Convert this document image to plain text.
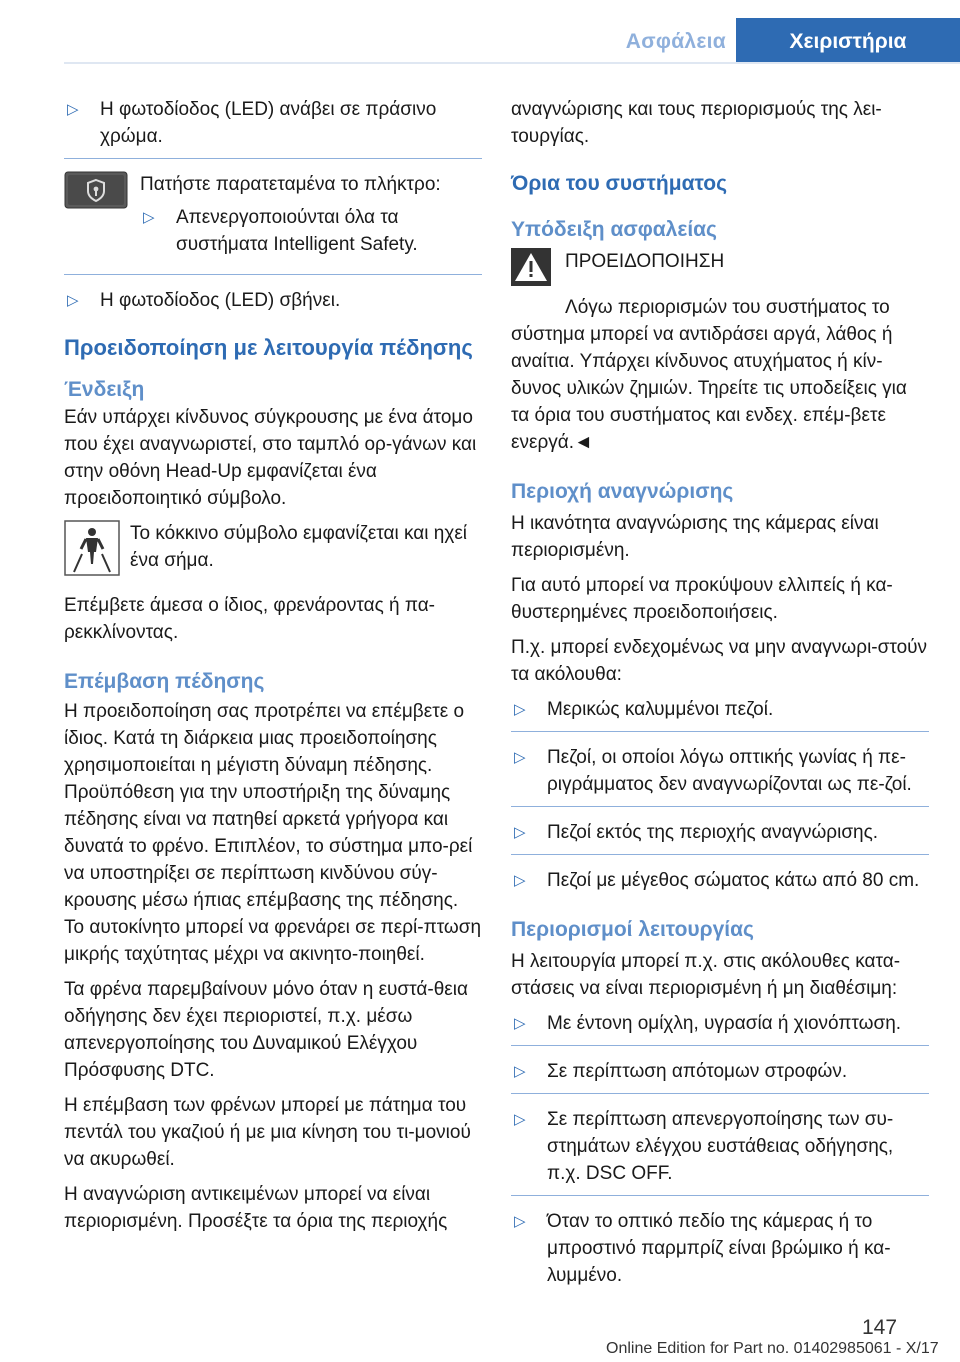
Ασφάλεια	Χειριστήρια
▷ Η φωτοδίοδος (LED) ανάβει σε πράσινο χρώμα.

Πατήστε παρατεταμένα το πλήκτρο:

▷ Απενεργοποιούνται όλα τα συστήματα Intelligent Safety.
▷ Η φωτοδίοδος (LED) σβήνει.
Προειδοποίηση με λειτουργία πέδησης
Ένδειξη

Εάν υπάρχει κίνδυνος σύγκρουσης με ένα άτομο που έχει αναγνωριστεί, στο ταμπλό ορ‐γάνων και στην οθόνη Head-Up εμφανίζεται ένα προειδοποιητικό σύμβολο.

Το κόκκινο σύμβολο εμφανίζεται και ηχεί ένα σήμα.

Επέμβετε άμεσα ο ίδιος, φρενάροντας ή πα‐ρεκκλίνοντας.

Επέμβαση πέδησης

Η προειδοποίηση σας προτρέπει να επέμβετε ο ίδιος. Κατά τη διάρκεια μιας προειδοποίησης χρησιμοποιείται η μέγιστη δύναμη πέδησης. Προϋπόθεση για την υποστήριξη της δύναμης πέδησης είναι να πατηθεί αρκετά γρήγορα και δυνατά το φρένο. Επιπλέον, το σύστημα μπο‐ρεί να υποστηρίξει σε περίπτωση κινδύνου σύγ‐κρουσης μέσω ήπιας επέμβασης της πέδησης. Το αυτοκίνητο μπορεί να φρενάρει σε περί‐πτωση μικρής ταχύτητας μέχρι να ακινητο‐ποιηθεί.

Τα φρένα παρεμβαίνουν μόνο όταν η ευστά‐θεια οδήγησης δεν έχει περιοριστεί, π.χ. μέσω απενεργοποίησης του Δυναμικού Ελέγχου Πρόσφυσης DTC.

Η επέμβαση των φρένων μπορεί με πάτημα του πεντάλ του γκαζιού ή με μια κίνηση του τι‐μονιού να ακυρωθεί.

Η αναγνώριση αντικειμένων μπορεί να είναι περιορισμένη. Προσέξτε τα όρια της περιοχής

αναγνώρισης και τους περιορισμούς της λει‐τουργίας.

Όρια του συστήματος
Υπόδειξη ασφαλείας

ΠΡΟΕΙΔΟΠΟΙΗΣΗ

Λόγω περιορισμών του συστήματος το σύστημα μπορεί να αντιδράσει αργά, λάθος ή αναίτια. Υπάρχει κίνδυνος ατυχήματος ή κίν‐δυνος υλικών ζημιών. Τηρείτε τις υποδείξεις για τα όρια του συστήματος και ενδεχ. επέμ‐βετε ενεργά.◄

Περιοχή αναγνώρισης

Η ικανότητα αναγνώρισης της κάμερας είναι περιορισμένη.

Για αυτό μπορεί να προκύψουν ελλιπείς ή κα‐θυστερημένες προειδοποιήσεις.

Π.χ. μπορεί ενδεχομένως να μην αναγνωρι‐στούν τα ακόλουθα:

▷ Μερικώς καλυμμένοι πεζοί.
▷ Πεζοί, οι οποίοι λόγω οπτικής γωνίας ή πε‐ριγράμματος δεν αναγνωρίζονται ως πε‐ζοί.
▷ Πεζοί εκτός της περιοχής αναγνώρισης.
▷ Πεζοί με μέγεθος σώματος κάτω από 80 cm.
Περιορισμοί λειτουργίας

Η λειτουργία μπορεί π.χ. στις ακόλουθες κατα‐στάσεις να είναι περιορισμένη ή μη διαθέσιμη:

▷ Με έντονη ομίχλη, υγρασία ή χιονόπτωση.
▷ Σε περίπτωση απότομων στροφών.
▷ Σε περίπτωση απενεργοποίησης των συ‐στημάτων ελέγχου ευστάθειας οδήγησης, π.χ. DSC OFF.
▷ Όταν το οπτικό πεδίο της κάμερας ή το μπροστινό παρμπρίζ είναι βρώμικο ή κα‐λυμμένο.
147
Online Edition for Part no. 01402985061 - X/17
